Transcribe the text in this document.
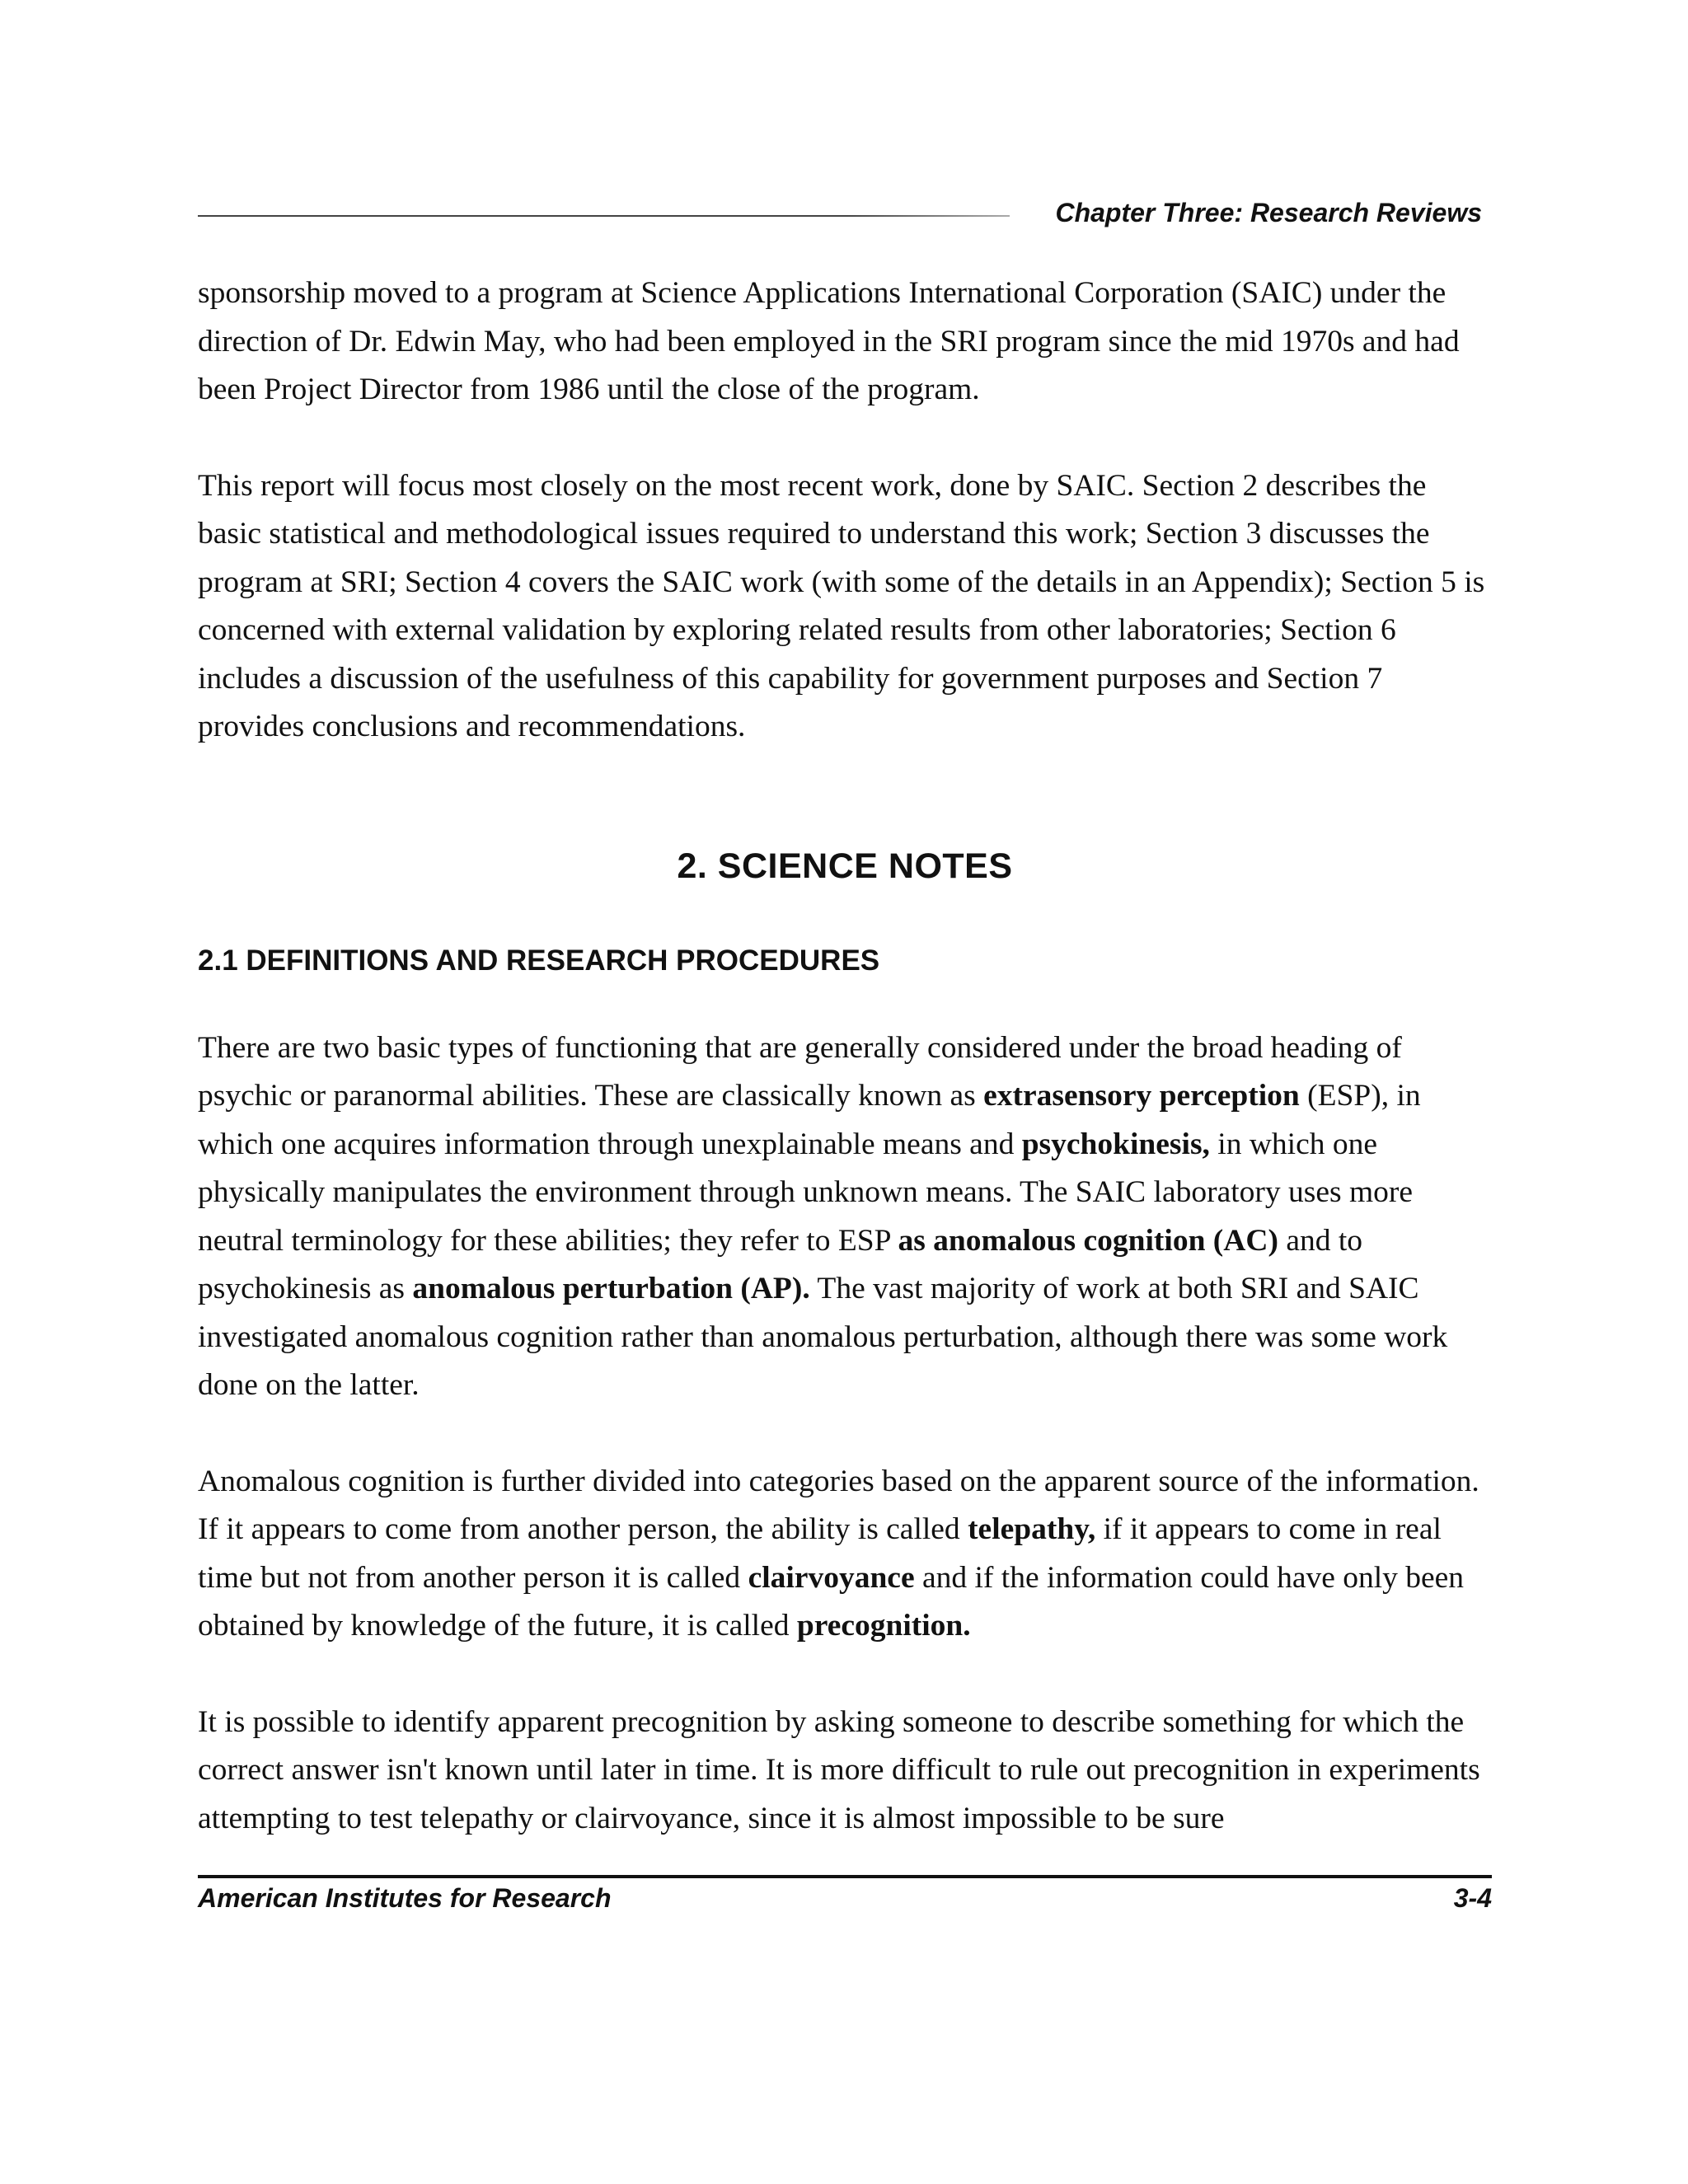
Chapter Three: Research Reviews

sponsorship moved to a program at Science Applications International Corporation (SAIC) under the direction of Dr. Edwin May, who had been employed in the SRI program since the mid 1970s and had been Project Director from 1986 until the close of the program.

This report will focus most closely on the most recent work, done by SAIC. Section 2 describes the basic statistical and methodological issues required to understand this work; Section 3 discusses the program at SRI; Section 4 covers the SAIC work (with some of the details in an Appendix); Section 5 is concerned with external validation by exploring related results from other laboratories; Section 6 includes a discussion of the usefulness of this capability for government purposes and Section 7 provides conclusions and recommendations.

2. SCIENCE NOTES
2.1 DEFINITIONS AND RESEARCH PROCEDURES

There are two basic types of functioning that are generally considered under the broad heading of psychic or paranormal abilities. These are classically known as extrasensory perception (ESP), in which one acquires information through unexplainable means and psychokinesis, in which one physically manipulates the environment through unknown means. The SAIC laboratory uses more neutral terminology for these abilities; they refer to ESP as anomalous cognition (AC) and to psychokinesis as anomalous perturbation (AP). The vast majority of work at both SRI and SAIC investigated anomalous cognition rather than anomalous perturbation, although there was some work done on the latter.

Anomalous cognition is further divided into categories based on the apparent source of the information. If it appears to come from another person, the ability is called telepathy, if it appears to come in real time but not from another person it is called clairvoyance and if the information could have only been obtained by knowledge of the future, it is called precognition.

It is possible to identify apparent precognition by asking someone to describe something for which the correct answer isn't known until later in time. It is more difficult to rule out precognition in experiments attempting to test telepathy or clairvoyance, since it is almost impossible to be sure

American Institutes for Research	3-4
